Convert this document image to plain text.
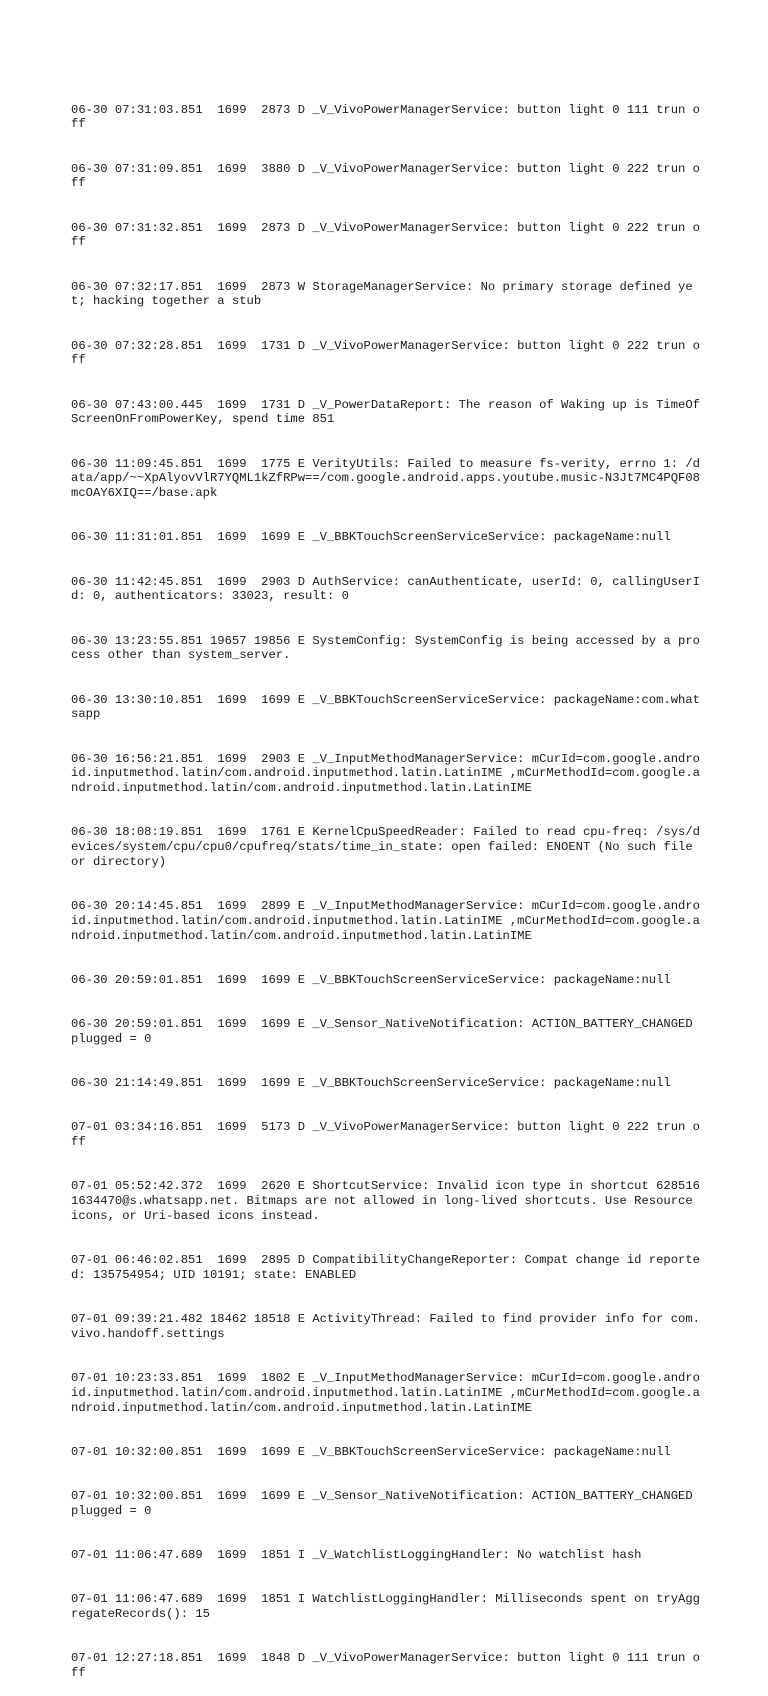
06-30 07:31:03.851  1699  2873 D _V_VivoPowerManagerService: button light 0 111 trun off

06-30 07:31:09.851  1699  3880 D _V_VivoPowerManagerService: button light 0 222 trun off

06-30 07:31:32.851  1699  2873 D _V_VivoPowerManagerService: button light 0 222 trun off

06-30 07:32:17.851  1699  2873 W StorageManagerService: No primary storage defined yet; hacking together a stub

06-30 07:32:28.851  1699  1731 D _V_VivoPowerManagerService: button light 0 222 trun off

06-30 07:43:00.445  1699  1731 D _V_PowerDataReport: The reason of Waking up is TimeOfScreenOnFromPowerKey, spend time 851

06-30 11:09:45.851  1699  1775 E VerityUtils: Failed to measure fs-verity, errno 1: /data/app/~~XpAlyovVlR7YQML1kZfRPw==/com.google.android.apps.youtube.music-N3Jt7MC4PQF08mcOAY6XIQ==/base.apk

06-30 11:31:01.851  1699  1699 E _V_BBKTouchScreenServiceService: packageName:null

06-30 11:42:45.851  1699  2903 D AuthService: canAuthenticate, userId: 0, callingUserId: 0, authenticators: 33023, result: 0

06-30 13:23:55.851 19657 19856 E SystemConfig: SystemConfig is being accessed by a process other than system_server.

06-30 13:30:10.851  1699  1699 E _V_BBKTouchScreenServiceService: packageName:com.whatsapp

06-30 16:56:21.851  1699  2903 E _V_InputMethodManagerService: mCurId=com.google.android.inputmethod.latin/com.android.inputmethod.latin.LatinIME ,mCurMethodId=com.google.android.inputmethod.latin/com.android.inputmethod.latin.LatinIME

06-30 18:08:19.851  1699  1761 E KernelCpuSpeedReader: Failed to read cpu-freq: /sys/devices/system/cpu/cpu0/cpufreq/stats/time_in_state: open failed: ENOENT (No such file or directory)

06-30 20:14:45.851  1699  2899 E _V_InputMethodManagerService: mCurId=com.google.android.inputmethod.latin/com.android.inputmethod.latin.LatinIME ,mCurMethodId=com.google.android.inputmethod.latin/com.android.inputmethod.latin.LatinIME

06-30 20:59:01.851  1699  1699 E _V_BBKTouchScreenServiceService: packageName:null

06-30 20:59:01.851  1699  1699 E _V_Sensor_NativeNotification: ACTION_BATTERY_CHANGED plugged = 0

06-30 21:14:49.851  1699  1699 E _V_BBKTouchScreenServiceService: packageName:null

07-01 03:34:16.851  1699  5173 D _V_VivoPowerManagerService: button light 0 222 trun off

07-01 05:52:42.372  1699  2620 E ShortcutService: Invalid icon type in shortcut 6285161634470@s.whatsapp.net. Bitmaps are not allowed in long-lived shortcuts. Use Resource icons, or Uri-based icons instead.

07-01 06:46:02.851  1699  2895 D CompatibilityChangeReporter: Compat change id reported: 135754954; UID 10191; state: ENABLED

07-01 09:39:21.482 18462 18518 E ActivityThread: Failed to find provider info for com.vivo.handoff.settings

07-01 10:23:33.851  1699  1802 E _V_InputMethodManagerService: mCurId=com.google.android.inputmethod.latin/com.android.inputmethod.latin.LatinIME ,mCurMethodId=com.google.android.inputmethod.latin/com.android.inputmethod.latin.LatinIME

07-01 10:32:00.851  1699  1699 E _V_BBKTouchScreenServiceService: packageName:null

07-01 10:32:00.851  1699  1699 E _V_Sensor_NativeNotification: ACTION_BATTERY_CHANGED plugged = 0

07-01 11:06:47.689  1699  1851 I _V_WatchlistLoggingHandler: No watchlist hash

07-01 11:06:47.689  1699  1851 I WatchlistLoggingHandler: Milliseconds spent on tryAggregateRecords(): 15

07-01 12:27:18.851  1699  1848 D _V_VivoPowerManagerService: button light 0 111 trun off
